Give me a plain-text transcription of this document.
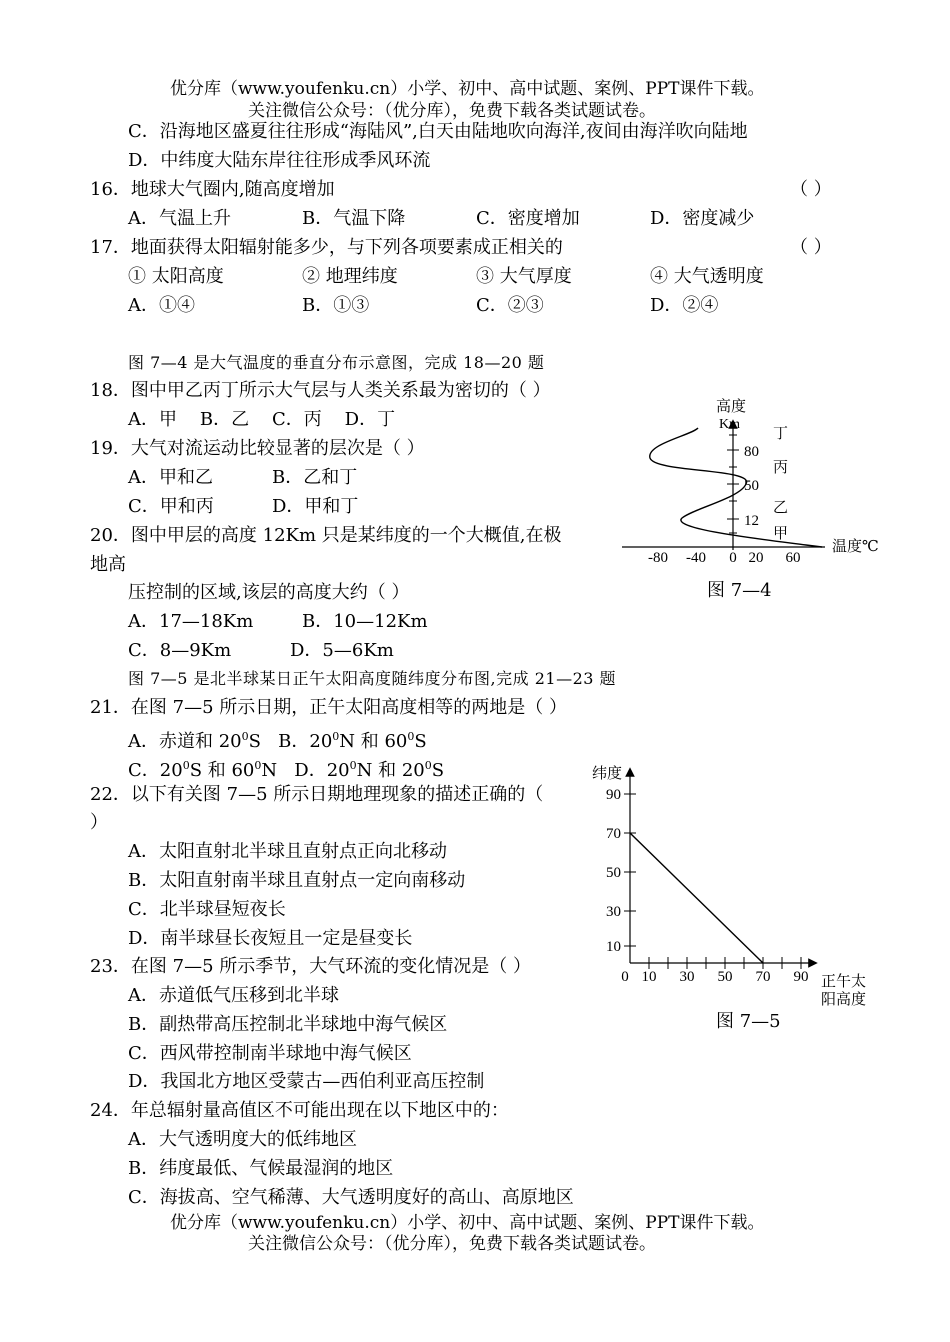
优分库（www.youfenku.cn）小学、初中、高中试题、案例、PPT课件下载。
关注微信公众号：（优分库），免费下载各类试题试卷。
C．沿海地区盛夏往往形成“海陆风”,白天由陆地吹向海洋,夜间由海洋吹向陆地
D．中纬度大陆东岸往往形成季风环流
16．地球大气圈内,随高度增加	（ ）
A．气温上升	B．气温下降	C．密度增加	D．密度减少
17．地面获得太阳辐射能多少，与下列各项要素成正相关的	（ ）
① 太阳高度	② 地理纬度	③ 大气厚度	④ 大气透明度
A．①④	B．①③	C．②③	D．②④
图 7—4 是大气温度的垂直分布示意图，完成 18—20 题
18．图中甲乙丙丁所示大气层与人类关系最为密切的（ ）
A．甲    B．乙    C．丙    D．丁
19．大气对流运动比较显著的层次是（ ）
A．甲和乙	B．乙和丁
C．甲和丙	D．甲和丁
20．图中甲层的高度 12Km 只是某纬度的一个大概值,在极
地高
压控制的区域,该层的高度大约（ ）
A．17—18Km	B．10—12Km
C．8—9Km	D．5—6Km
图 7—5 是北半球某日正午太阳高度随纬度分布图,完成 21—23 题
21．在图 7—5 所示日期，正午太阳高度相等的两地是（ ）
A．赤道和 $20^0S$ B．$20^0N$ 和 $60^0S$
C．$20^0S$ 和 $60^0N$ D．$20^0N$ 和 $20^0S$
22．以下有关图 7—5 所示日期地理现象的描述正确的（
）
A．太阳直射北半球且直射点正向北移动
B．太阳直射南半球且直射点一定向南移动
C．北半球昼短夜长
D．南半球昼长夜短且一定是昼变长
23．在图 7—5 所示季节，大气环流的变化情况是（ ）
A．赤道低气压移到北半球
B．副热带高压控制北半球地中海气候区
C．西风带控制南半球地中海气候区
D．我国北方地区受蒙古—西伯利亚高压控制
24．年总辐射量高值区不可能出现在以下地区中的：
A．大气透明度大的低纬地区
B．纬度最低、气候最湿润的地区
C．海拔高、空气稀薄、大气透明度好的高山、高原地区
优分库（www.youfenku.cn）小学、初中、高中试题、案例、PPT课件下载。
关注微信公众号：（优分库），免费下载各类试题试卷。
高度
Km
80
50
12
丁
丙
乙
甲
-80 -40 0 20 60
温度℃
图 7—4
纬度
90
70
50
30
10
0 10 30 50 70 90 正午太
阳高度
图 7—5
